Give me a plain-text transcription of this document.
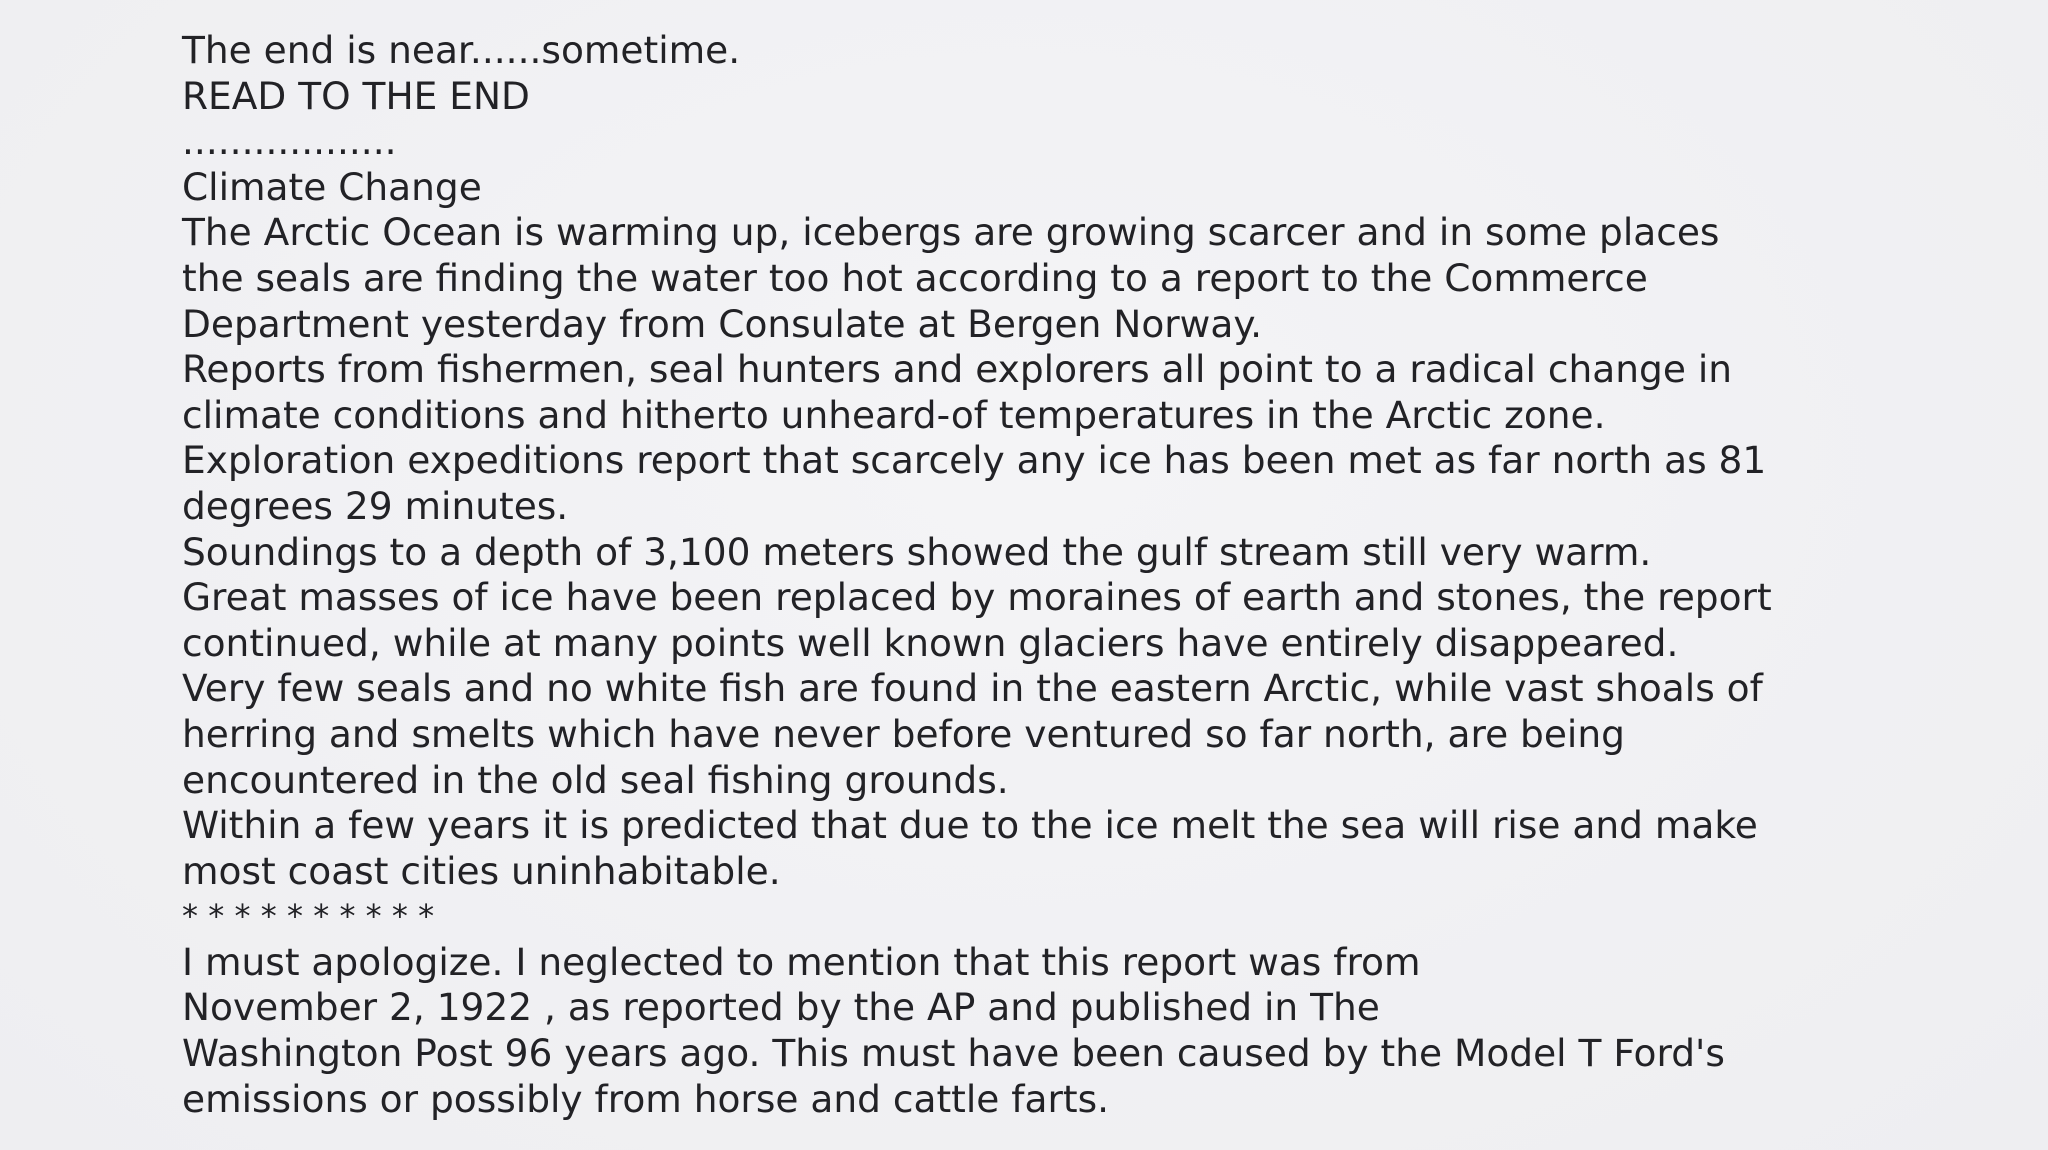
The end is near......sometime.
READ TO THE END
..................
Climate Change
The Arctic Ocean is warming up, icebergs are growing scarcer and in some places
the seals are finding the water too hot according to a report to the Commerce
Department yesterday from Consulate at Bergen Norway.
Reports from fishermen, seal hunters and explorers all point to a radical change in
climate conditions and hitherto unheard-of temperatures in the Arctic zone.
Exploration expeditions report that scarcely any ice has been met as far north as 81
degrees 29 minutes.
Soundings to a depth of 3,100 meters showed the gulf stream still very warm.
Great masses of ice have been replaced by moraines of earth and stones, the report
continued, while at many points well known glaciers have entirely disappeared.
Very few seals and no white fish are found in the eastern Arctic, while vast shoals of
herring and smelts which have never before ventured so far north, are being
encountered in the old seal fishing grounds.
Within a few years it is predicted that due to the ice melt the sea will rise and make
most coast cities uninhabitable.
**********
I must apologize. I neglected to mention that this report was from
November 2, 1922 , as reported by the AP and published in The
Washington Post 96 years ago. This must have been caused by the Model T Ford's
emissions or possibly from horse and cattle farts.
